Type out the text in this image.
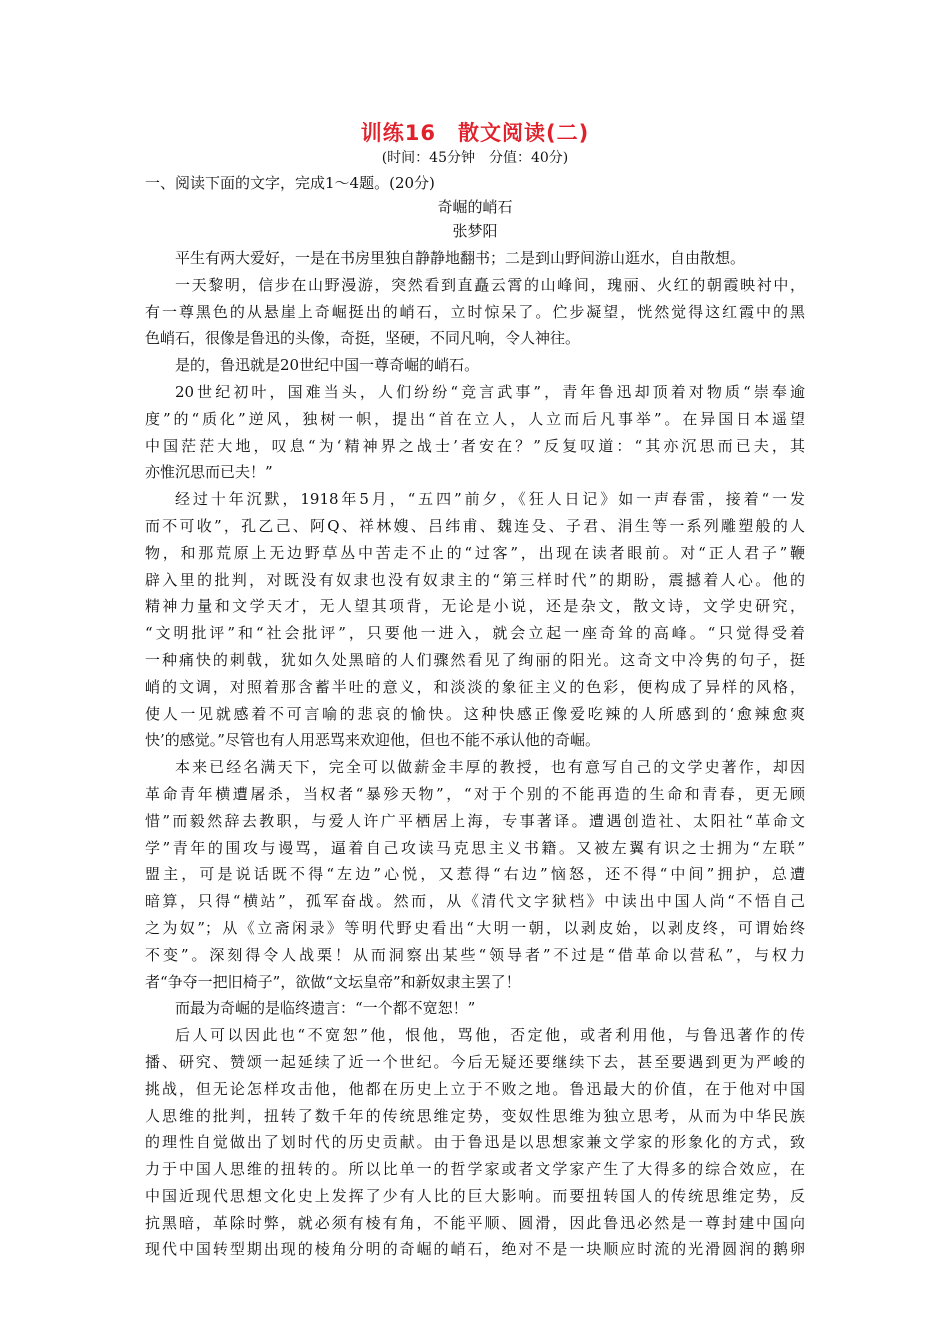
训练16　散文阅读(二)
(时间：45分钟　分值：40分)
一、阅读下面的文字，完成1～4题。(20分)
奇崛的峭石
张梦阳
平生有两大爱好，一是在书房里独自静静地翻书；二是到山野间游山逛水，自由散想。
一天黎明，信步在山野漫游，突然看到直矗云霄的山峰间，瑰丽、火红的朝霞映衬中，
有一尊黑色的从悬崖上奇崛挺出的峭石，立时惊呆了。伫步凝望，恍然觉得这红霞中的黑
色峭石，很像是鲁迅的头像，奇挺，坚硬，不同凡响，令人神往。
是的，鲁迅就是20世纪中国一尊奇崛的峭石。
20世纪初叶，国难当头，人们纷纷“竞言武事”，青年鲁迅却顶着对物质“崇奉逾
度”的“质化”逆风，独树一帜，提出“首在立人，人立而后凡事举”。在异国日本遥望
中国茫茫大地，叹息“为‘精神界之战士’者安在？”反复叹道：“其亦沉思而已夫，其
亦惟沉思而已夫！”
经过十年沉默，1918年5月，“五四”前夕，《狂人日记》如一声春雷，接着“一发
而不可收”，孔乙己、阿Q、祥林嫂、吕纬甫、魏连殳、子君、涓生等一系列雕塑般的人
物，和那荒原上无边野草丛中苦走不止的“过客”，出现在读者眼前。对“正人君子”鞭
辟入里的批判，对既没有奴隶也没有奴隶主的“第三样时代”的期盼，震撼着人心。他的
精神力量和文学天才，无人望其项背，无论是小说，还是杂文，散文诗，文学史研究，
“文明批评”和“社会批评”，只要他一进入，就会立起一座奇耸的高峰。“只觉得受着
一种痛快的刺戟，犹如久处黑暗的人们骤然看见了绚丽的阳光。这奇文中冷隽的句子，挺
峭的文调，对照着那含蓄半吐的意义，和淡淡的象征主义的色彩，便构成了异样的风格，
使人一见就感着不可言喻的悲哀的愉快。这种快感正像爱吃辣的人所感到的‘愈辣愈爽
快’的感觉。”尽管也有人用恶骂来欢迎他，但也不能不承认他的奇崛。
本来已经名满天下，完全可以做薪金丰厚的教授，也有意写自己的文学史著作，却因
革命青年横遭屠杀，当权者“暴殄天物”，“对于个别的不能再造的生命和青春，更无顾
惜”而毅然辞去教职，与爱人许广平栖居上海，专事著译。遭遇创造社、太阳社“革命文
学”青年的围攻与谩骂，逼着自己攻读马克思主义书籍。又被左翼有识之士拥为“左联”
盟主，可是说话既不得“左边”心悦，又惹得“右边”恼怒，还不得“中间”拥护，总遭
暗算，只得“横站”，孤军奋战。然而，从《清代文字狱档》中读出中国人尚“不悟自己
之为奴”；从《立斋闲录》等明代野史看出“大明一朝，以剥皮始，以剥皮终，可谓始终
不变”。深刻得令人战栗！从而洞察出某些“领导者”不过是“借革命以营私”，与权力
者“争夺一把旧椅子”，欲做“文坛皇帝”和新奴隶主罢了！
而最为奇崛的是临终遗言：“一个都不宽恕！”
后人可以因此也“不宽恕”他，恨他，骂他，否定他，或者利用他，与鲁迅著作的传
播、研究、赞颂一起延续了近一个世纪。今后无疑还要继续下去，甚至要遇到更为严峻的
挑战，但无论怎样攻击他，他都在历史上立于不败之地。鲁迅最大的价值，在于他对中国
人思维的批判，扭转了数千年的传统思维定势，变奴性思维为独立思考，从而为中华民族
的理性自觉做出了划时代的历史贡献。由于鲁迅是以思想家兼文学家的形象化的方式，致
力于中国人思维的扭转的。所以比单一的哲学家或者文学家产生了大得多的综合效应，在
中国近现代思想文化史上发挥了少有人比的巨大影响。而要扭转国人的传统思维定势，反
抗黑暗，革除时弊，就必须有棱有角，不能平顺、圆滑，因此鲁迅必然是一尊封建中国向
现代中国转型期出现的棱角分明的奇崛的峭石，绝对不是一块顺应时流的光滑圆润的鹅卵
